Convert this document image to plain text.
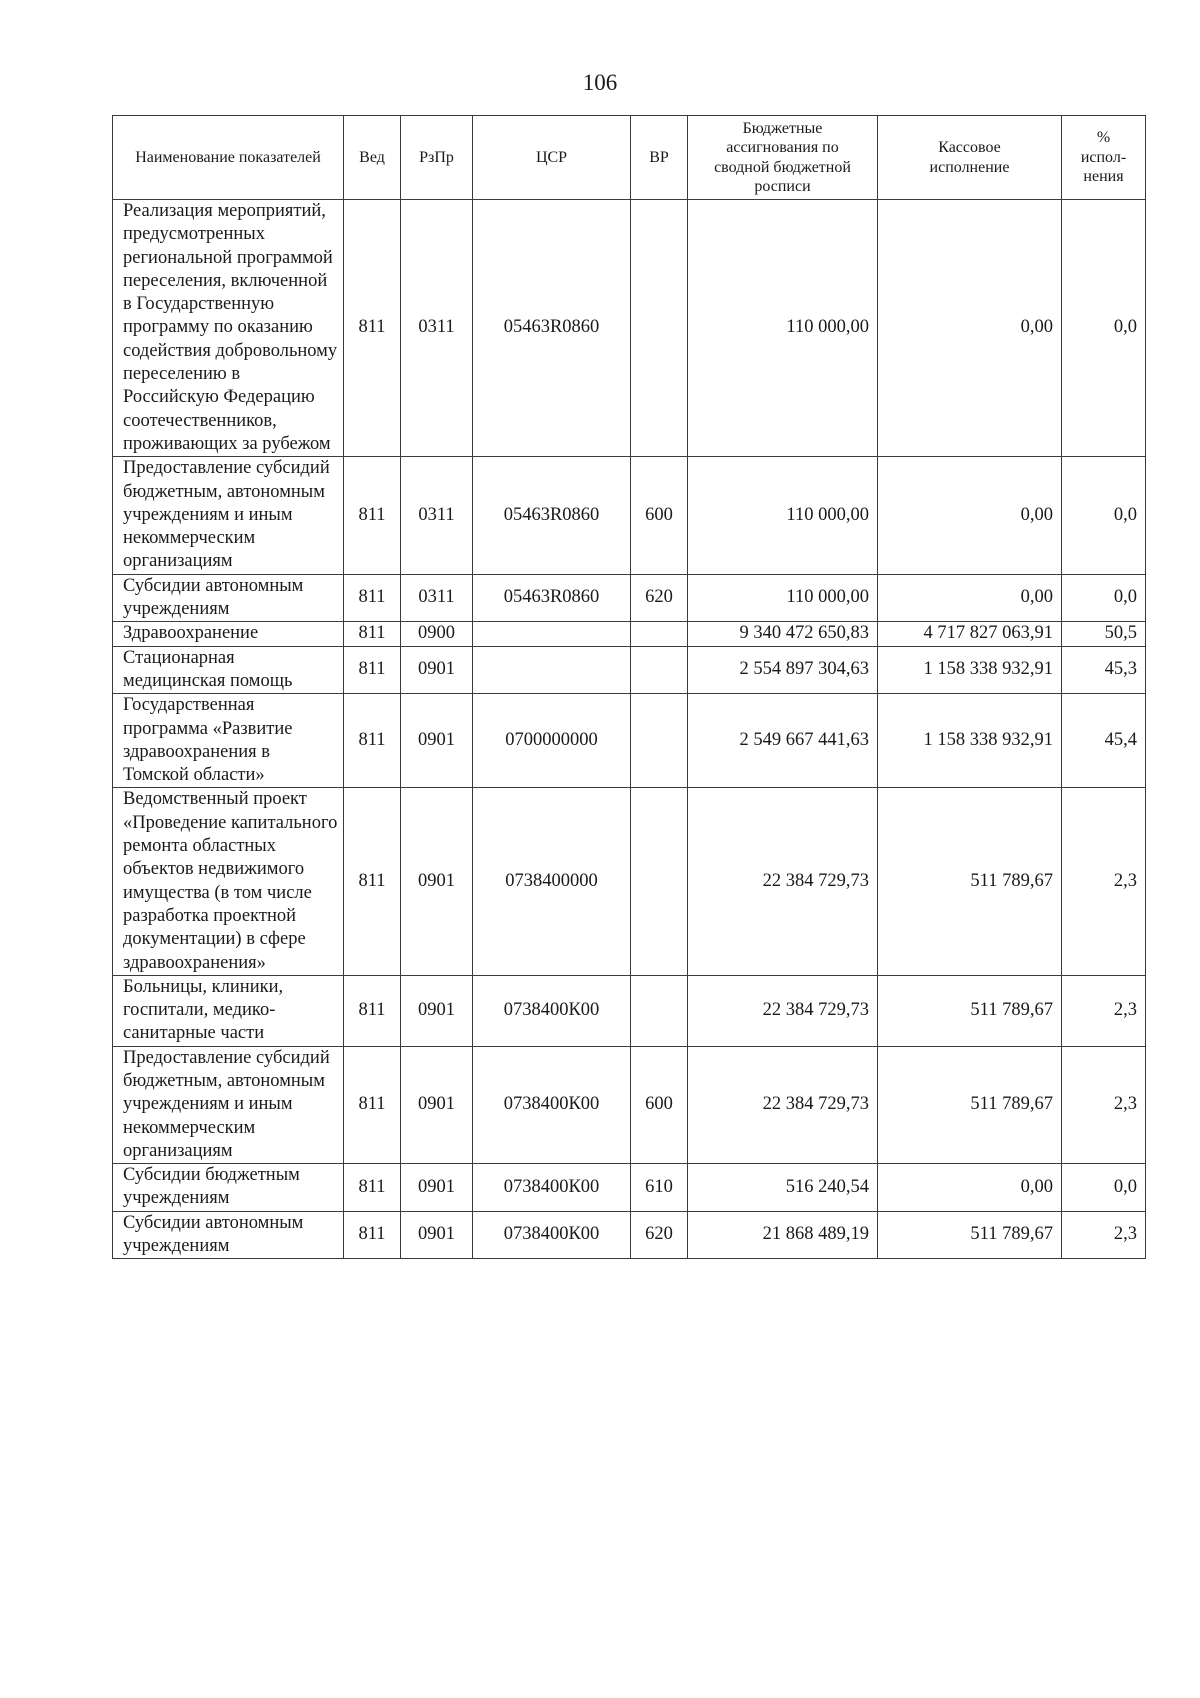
106
Наименование показателей	Вед	РзПр	ЦСР	ВР	Бюджетные ассигнования по сводной бюджетной росписи	Кассовое исполнение	% испол-нения
Реализация мероприятий, предусмотренных региональной программой переселения, включенной в Государственную программу по оказанию содействия добровольному переселению в Российскую Федерацию соотечественников, проживающих за рубежом	811	0311	05463R0860		110 000,00	0,00	0,0
Предоставление субсидий бюджетным, автономным учреждениям и иным некоммерческим организациям	811	0311	05463R0860	600	110 000,00	0,00	0,0
Субсидии автономным учреждениям	811	0311	05463R0860	620	110 000,00	0,00	0,0
Здравоохранение	811	0900			9 340 472 650,83	4 717 827 063,91	50,5
Стационарная медицинская помощь	811	0901			2 554 897 304,63	1 158 338 932,91	45,3
Государственная программа «Развитие здравоохранения в Томской области»	811	0901	0700000000		2 549 667 441,63	1 158 338 932,91	45,4
Ведомственный проект «Проведение капитального ремонта областных объектов недвижимого имущества (в том числе разработка проектной документации) в сфере здравоохранения»	811	0901	0738400000		22 384 729,73	511 789,67	2,3
Больницы, клиники, госпитали, медико-санитарные части	811	0901	0738400К00		22 384 729,73	511 789,67	2,3
Предоставление субсидий бюджетным, автономным учреждениям и иным некоммерческим организациям	811	0901	0738400К00	600	22 384 729,73	511 789,67	2,3
Субсидии бюджетным учреждениям	811	0901	0738400К00	610	516 240,54	0,00	0,0
Субсидии автономным учреждениям	811	0901	0738400К00	620	21 868 489,19	511 789,67	2,3
